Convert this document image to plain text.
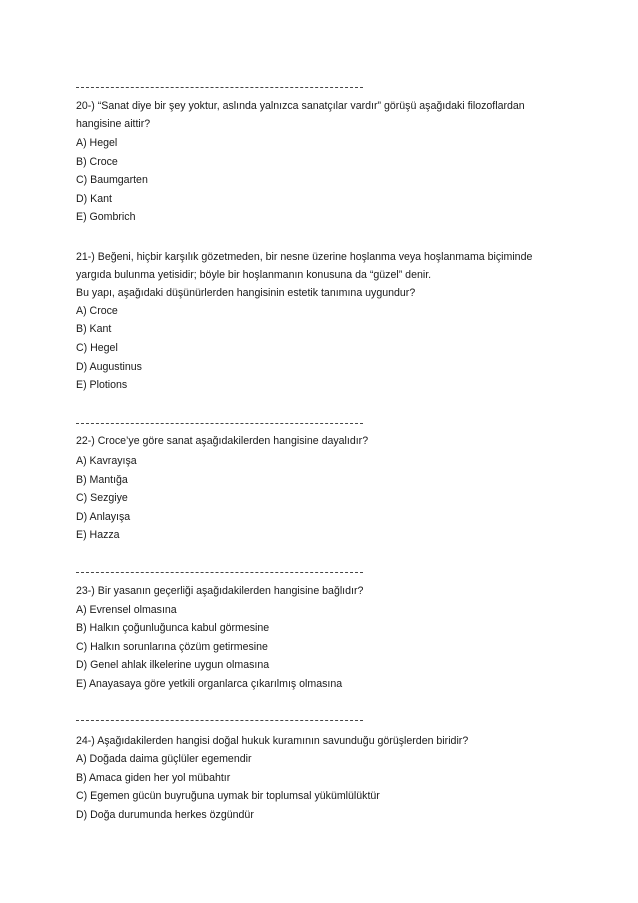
20-) “Sanat diye bir şey yoktur, aslında yalnızca sanatçılar vardır” görüşü aşağıdaki filozoflardan
hangisine aittir?
A) Hegel
B) Croce
C) Baumgarten
D) Kant
E) Gombrich
21-) Beğeni, hiçbir karşılık gözetmeden, bir nesne üzerine hoşlanma veya hoşlanmama biçiminde
yargıda bulunma yetisidir; böyle bir hoşlanmanın konusuna da “güzel” denir.
Bu yapı, aşağıdaki düşünürlerden hangisinin estetik tanımına uygundur?
A) Croce
B) Kant
C) Hegel
D) Augustinus
E) Plotions
22-) Croce’ye göre sanat aşağıdakilerden hangisine dayalıdır?
A) Kavrayışa
B) Mantığa
C) Sezgiye
D) Anlayışa
E) Hazza
23-) Bir yasanın geçerliği aşağıdakilerden hangisine bağlıdır?
A) Evrensel olmasına
B) Halkın çoğunluğunca kabul görmesine
C) Halkın sorunlarına çözüm getirmesine
D) Genel ahlak ilkelerine uygun olmasına
E) Anayasaya göre yetkili organlarca çıkarılmış olmasına
24-) Aşağıdakilerden hangisi doğal hukuk kuramının savunduğu görüşlerden biridir?
A) Doğada daima güçlüler egemendir
B) Amaca giden her yol mübahtır
C) Egemen gücün buyruğuna uymak bir toplumsal yükümlülüktür
D) Doğa durumunda herkes özgündür
